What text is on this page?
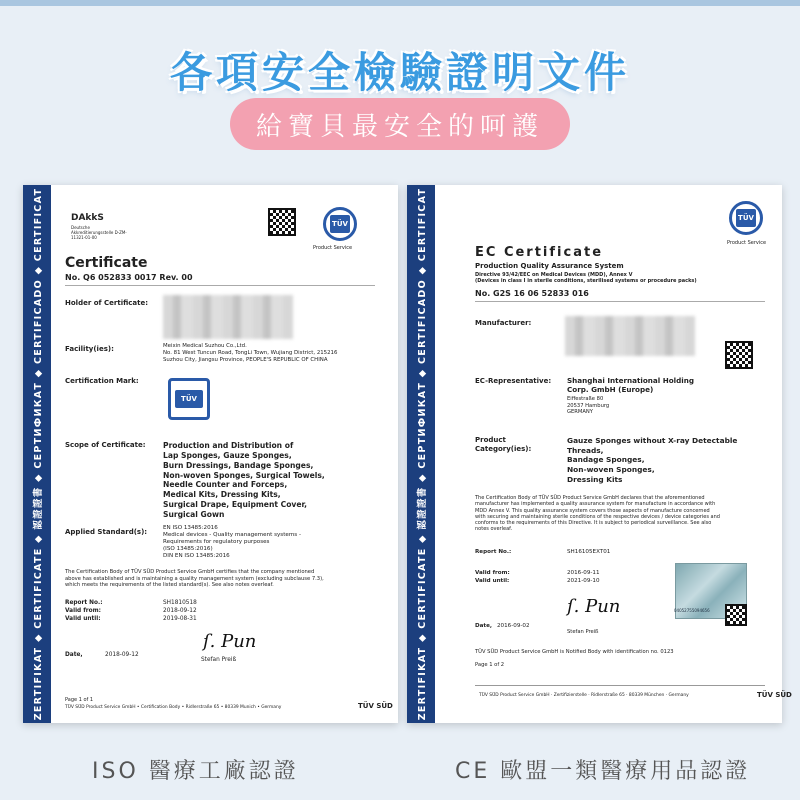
各項安全檢驗證明文件
給寶貝最安全的呵護
ZERTIFIKAT ◆ CERTIFICATE ◆ 認證證書 ◆ СЕРТИФИКАТ ◆ CERTIFICADO ◆ CERTIFICAT	DAkkS
Deutsche Akkreditierungsstelle D-ZM-11321-01-00
TÜV
Product Service
Certificate
No. Q6 052833 0017 Rev. 00
Holder of Certificate:
Facility(ies):	Meixin Medical Suzhou Co.,Ltd.
No. 81 West Tuncun Road, TongLi Town, Wujiang District, 215216
Suzhou City, Jiangsu Province, PEOPLE'S REPUBLIC OF CHINA
Certification Mark:
TÜV
Scope of Certificate: Production and Distribution of
Lap Sponges, Gauze Sponges,
Burn Dressings, Bandage Sponges,
Non-woven Sponges, Surgical Towels,
Needle Counter and Forceps,
Medical Kits, Dressing Kits,
Surgical Drape, Equipment Cover,
Surgical Gown
Applied Standard(s):	EN ISO 13485:2016
Medical devices - Quality management systems -
Requirements for regulatory purposes
(ISO 13485:2016)
DIN EN ISO 13485:2016
The Certification Body of TÜV SÜD Product Service GmbH certifies that the company mentioned
above has established and is maintaining a quality management system (excluding subclause 7.3),
which meets the requirements of the listed standard(s). See also notes overleaf.
Report No.:	SH1810518
Valid from:	2018-09-12
Valid until:	2019-08-31
ſ. Pun
Date,	2018-09-12
Stefan Preiß
Page 1 of 1
TÜV SÜD Product Service GmbH • Certification Body • Ridlerstraße 65 • 80339 Munich • Germany	TÜV SÜD	ZERTIFIKAT ◆ CERTIFICATE ◆ 認證證書 ◆ СЕРТИФИКАТ ◆ CERTIFICADO ◆ CERTIFICAT	TÜV
Product Service
EC Certificate
Production Quality Assurance System
Directive 93/42/EEC on Medical Devices (MDD), Annex V
(Devices in class I in sterile conditions, sterilised systems or procedure packs)
No. G2S 16 06 52833 016
Manufacturer:
EC-Representative: Shanghai International Holding
Corp. GmbH (Europe)
Eiffestraße 80
20537 Hamburg
GERMANY
Product
Category(ies):
Gauze Sponges without X-ray Detectable
Threads,
Bandage Sponges,
Non-woven Sponges,
Dressing Kits
The Certification Body of TÜV SÜD Product Service GmbH declares that the aforementioned
manufacturer has implemented a quality assurance system for manufacture in accordance with
MDD Annex V. This quality assurance system covers those aspects of manufacture concerned
with securing and maintaining sterile conditions of the respective devices / device categories and
conforms to the requirements of this Directive. It is subject to periodical surveillance. See also
notes overleaf.
Report No.:	SH16105EXT01
Valid from:	2016-09-11
Valid until:	2021-09-10
04052755094656
ſ. Pun
Date, 2016-09-02
Stefan Preiß
TÜV SÜD Product Service GmbH is Notified Body with identification no. 0123
Page 1 of 2
TÜV SÜD Product Service GmbH · Zertifizierstelle · Ridlerstraße 65 · 80339 München · Germany	TÜV SÜD
ISO 醫療工廠認證	CE 歐盟一類醫療用品認證
